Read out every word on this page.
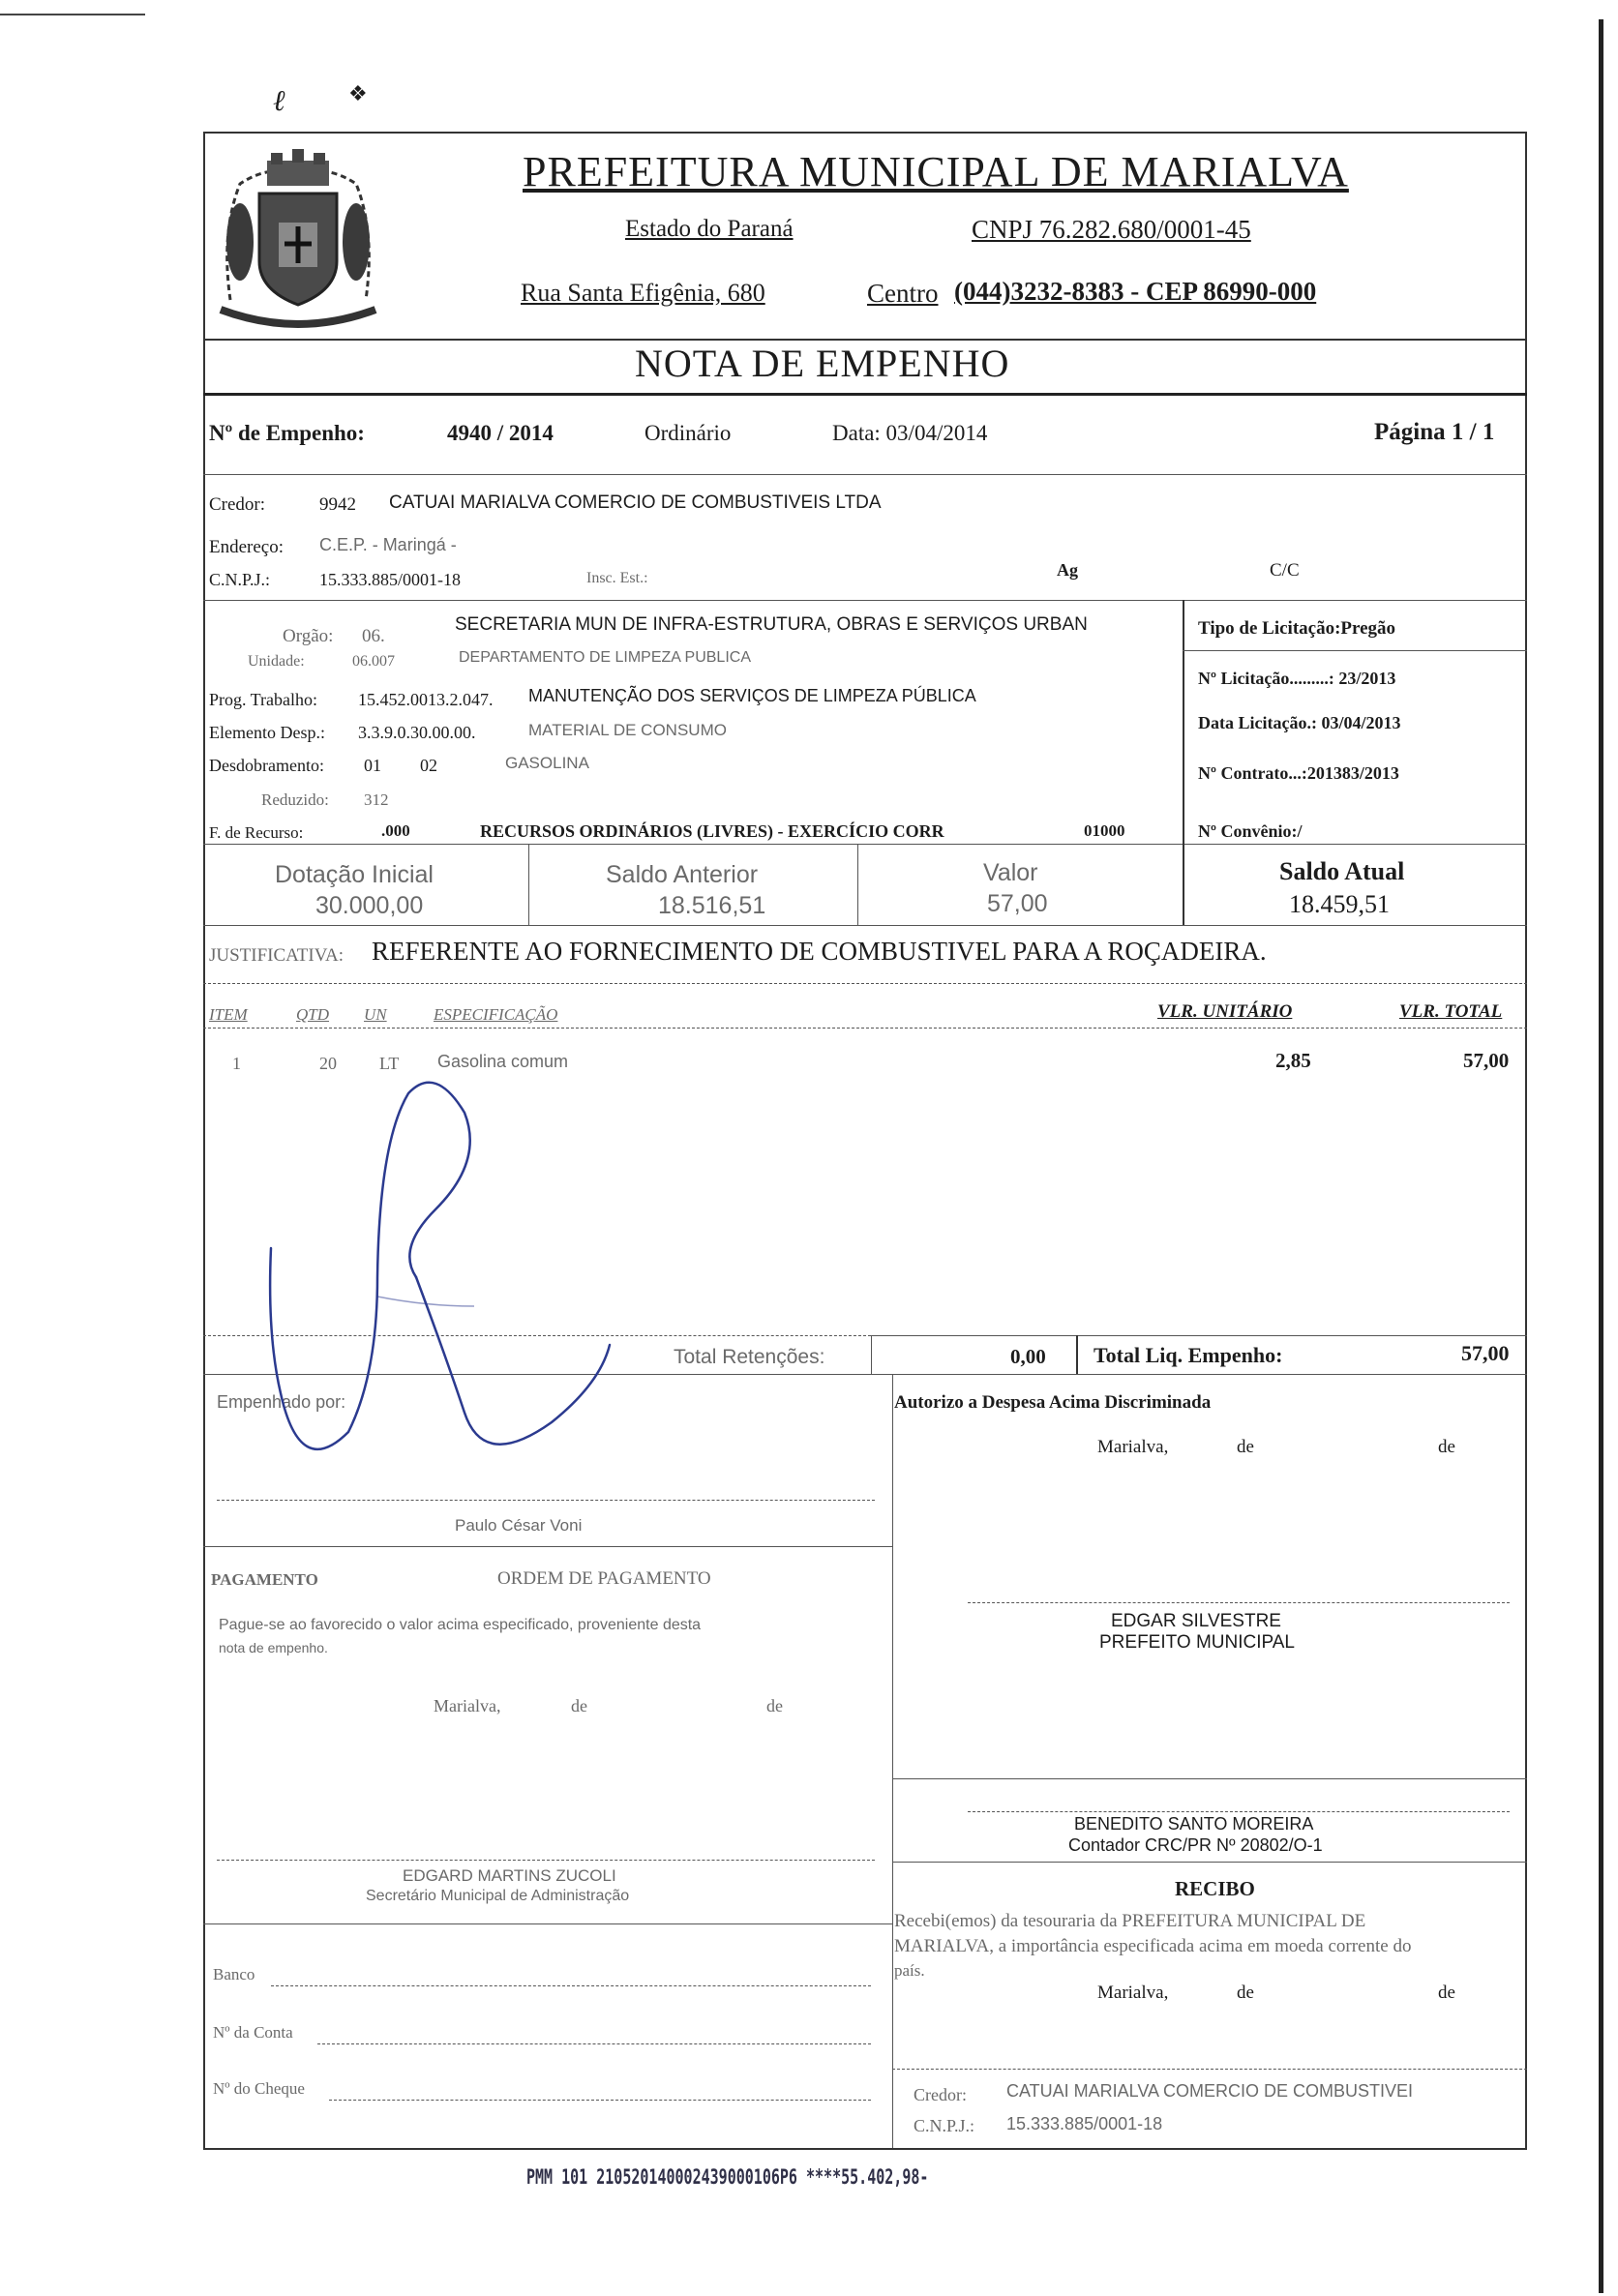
ℓ	❖
PREFEITURA MUNICIPAL DE MARIALVA
Estado do Paraná	CNPJ 76.282.680/0001-45
Rua Santa Efigênia, 680	Centro (044)3232-8383 - CEP 86990-000
NOTA DE EMPENHO
Nº de Empenho:	4940 / 2014	Ordinário	Data: 03/04/2014	Página 1 / 1
Credor:	9942 CATUAI MARIALVA COMERCIO DE COMBUSTIVEIS LTDA
Endereço: C.E.P. - Maringá -
C.N.P.J.:	15.333.885/0001-18	Insc. Est.:	Ag	C/C
Orgão: 06.
SECRETARIA MUN DE INFRA-ESTRUTURA, OBRAS E SERVIÇOS URBAN
Unidade:	06.007	DEPARTAMENTO DE LIMPEZA PUBLICA
Prog. Trabalho: 15.452.0013.2.047. MANUTENÇÃO DOS SERVIÇOS DE LIMPEZA PÚBLICA
Elemento Desp.: 3.3.9.0.30.00.00.	MATERIAL DE CONSUMO
Desdobramento: 01 02	GASOLINA
Reduzido: 312
F. de Recurso:	.000	RECURSOS ORDINÁRIOS (LIVRES) - EXERCÍCIO CORR	01000
Tipo de Licitação:Pregão
Nº Licitação.........: 23/2013
Data Licitação.: 03/04/2013
Nº Contrato...:201383/2013
Nº Convênio:/
Dotação Inicial
30.000,00
Saldo Anterior
18.516,51
Valor
57,00
Saldo Atual
18.459,51
JUSTIFICATIVA: REFERENTE AO FORNECIMENTO DE COMBUSTIVEL PARA A ROÇADEIRA.
ITEM	QTD UN	ESPECIFICAÇÃO	VLR. UNITÁRIO	VLR. TOTAL
1	20 LT Gasolina comum	2,85	57,00
Total Retenções:	0,00 Total Liq. Empenho:	57,00
Empenhado por:	Autorizo a Despesa Acima Discriminada
Marialva,	de	de
Paulo César Voni
PAGAMENTO	ORDEM DE PAGAMENTO
Pague-se ao favorecido o valor acima especificado, proveniente desta
nota de empenho.
Marialva,	de	de
EDGAR SILVESTRE
PREFEITO MUNICIPAL
BENEDITO SANTO MOREIRA
Contador CRC/PR Nº 20802/O-1
EDGARD MARTINS ZUCOLI
Secretário Municipal de Administração	RECIBO
Recebi(emos) da tesouraria da PREFEITURA MUNICIPAL DE
MARIALVA, a importância especificada acima em moeda corrente do
país.
Marialva,	de	de
Banco
Nº da Conta
Nº do Cheque	Credor: CATUAI MARIALVA COMERCIO DE COMBUSTIVEI
C.N.P.J.: 15.333.885/0001-18
PMM 101 210520140002439000106P6 ****55.402,98-
